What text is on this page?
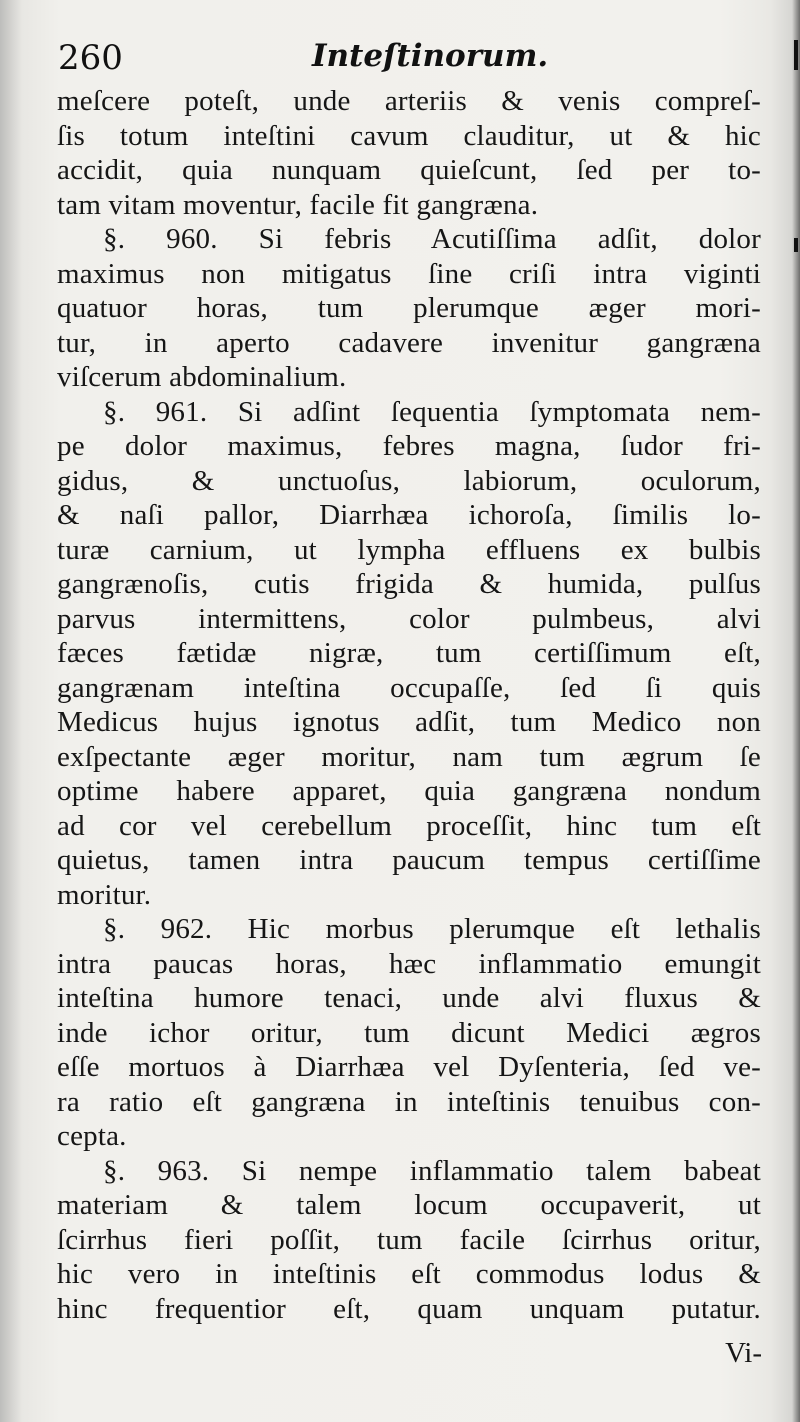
260	Inteſtinorum.
meſcere poteſt, unde arteriis & venis compreſ-
ſis totum inteſtini cavum clauditur, ut & hic
accidit, quia nunquam quieſcunt, ſed per to-
tam vitam moventur, facile fit gangræna.
§. 960. Si febris Acutiſſima adſit, dolor
maximus non mitigatus ſine criſi intra viginti
quatuor horas, tum plerumque æger mori-
tur, in aperto cadavere invenitur gangræna
viſcerum abdominalium.
§. 961. Si adſint ſequentia ſymptomata nem-
pe dolor maximus, febres magna, ſudor fri-
gidus, & unctuoſus, labiorum, oculorum,
& naſi pallor, Diarrhæa ichoroſa, ſimilis lo-
turæ carnium, ut lympha effluens ex bulbis
gangrænoſis, cutis frigida & humida, pulſus
parvus intermittens, color pulmbeus, alvi
fæces fætidæ nigræ, tum certiſſimum eſt,
gangrænam inteſtina occupaſſe, ſed ſi quis
Medicus hujus ignotus adſit, tum Medico non
exſpectante æger moritur, nam tum ægrum ſe
optime habere apparet, quia gangræna nondum
ad cor vel cerebellum proceſſit, hinc tum eſt
quietus, tamen intra paucum tempus certiſſime
moritur.
§. 962. Hic morbus plerumque eſt lethalis
intra paucas horas, hæc inflammatio emungit
inteſtina humore tenaci, unde alvi fluxus &
inde ichor oritur, tum dicunt Medici ægros
eſſe mortuos à Diarrhæa vel Dyſenteria, ſed ve-
ra ratio eſt gangræna in inteſtinis tenuibus con-
cepta.
§. 963. Si nempe inflammatio talem babeat
materiam & talem locum occupaverit, ut
ſcirrhus fieri poſſit, tum facile ſcirrhus oritur,
hic vero in inteſtinis eſt commodus lodus &
hinc frequentior eſt, quam unquam putatur.
Vi-
